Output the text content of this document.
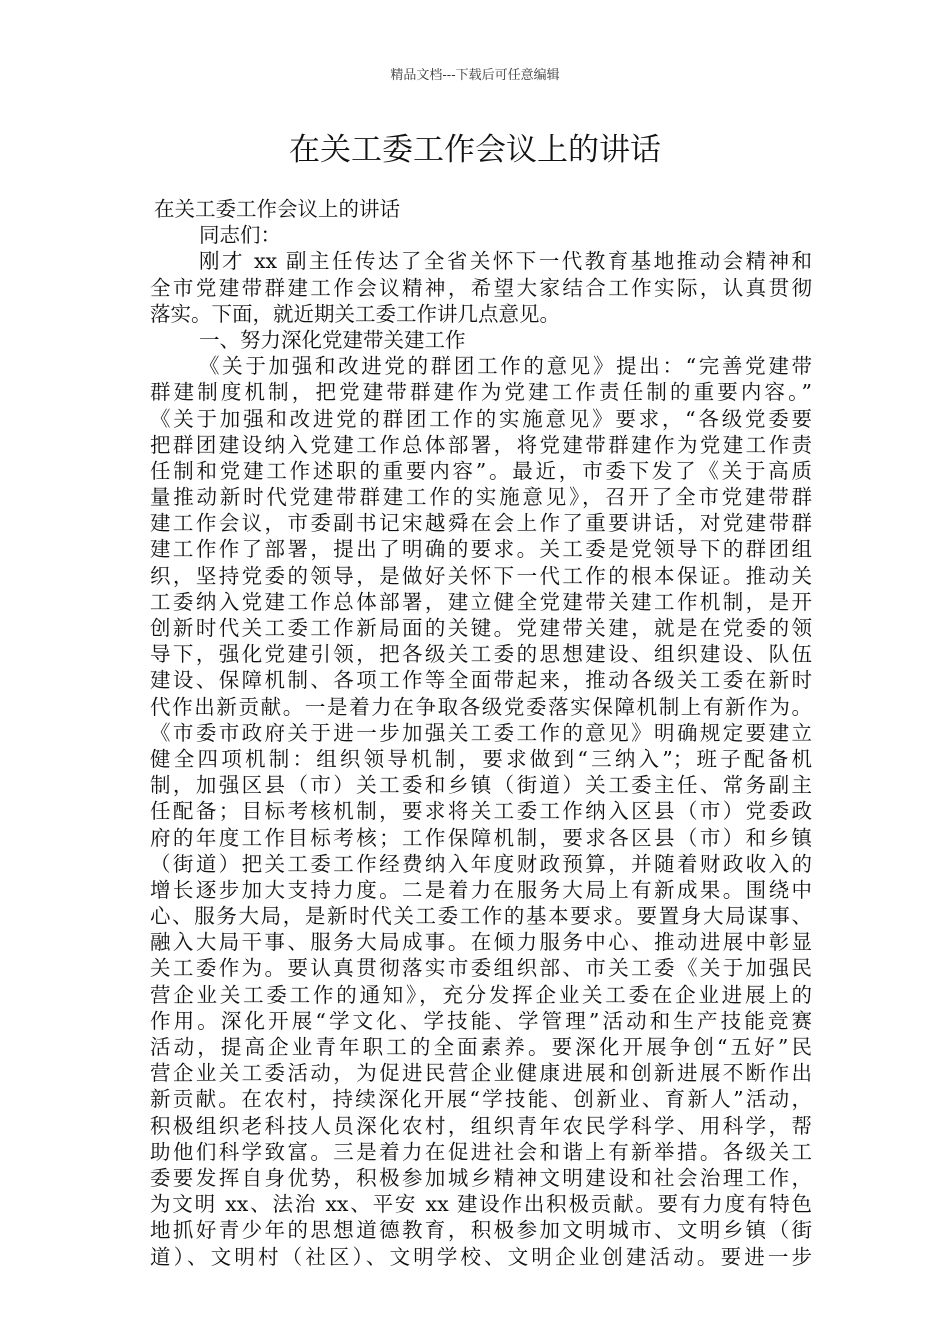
精品文档---下载后可任意编辑
在关工委工作会议上的讲话
在关工委工作会议上的讲话
同志们：
刚才 xx 副主任传达了全省关怀下一代教育基地推动会精神和
全市党建带群建工作会议精神，希望大家结合工作实际，认真贯彻
落实。下面，就近期关工委工作讲几点意见。
一、努力深化党建带关建工作
《关于加强和改进党的群团工作的意见》提出：“完善党建带
群建制度机制，把党建带群建作为党建工作责任制的重要内容。”
《关于加强和改进党的群团工作的实施意见》要求，“各级党委要
把群团建设纳入党建工作总体部署，将党建带群建作为党建工作责
任制和党建工作述职的重要内容”。最近，市委下发了《关于高质
量推动新时代党建带群建工作的实施意见》，召开了全市党建带群
建工作会议，市委副书记宋越舜在会上作了重要讲话，对党建带群
建工作作了部署，提出了明确的要求。关工委是党领导下的群团组
织，坚持党委的领导，是做好关怀下一代工作的根本保证。推动关
工委纳入党建工作总体部署，建立健全党建带关建工作机制，是开
创新时代关工委工作新局面的关键。党建带关建，就是在党委的领
导下，强化党建引领，把各级关工委的思想建设、组织建设、队伍
建设、保障机制、各项工作等全面带起来，推动各级关工委在新时
代作出新贡献。一是着力在争取各级党委落实保障机制上有新作为。
《市委市政府关于进一步加强关工委工作的意见》明确规定要建立
健全四项机制：组织领导机制，要求做到“三纳入”；班子配备机
制，加强区县（市）关工委和乡镇（街道）关工委主任、常务副主
任配备；目标考核机制，要求将关工委工作纳入区县（市）党委政
府的年度工作目标考核；工作保障机制，要求各区县（市）和乡镇
（街道）把关工委工作经费纳入年度财政预算，并随着财政收入的
增长逐步加大支持力度。二是着力在服务大局上有新成果。围绕中
心、服务大局，是新时代关工委工作的基本要求。要置身大局谋事、
融入大局干事、服务大局成事。在倾力服务中心、推动进展中彰显
关工委作为。要认真贯彻落实市委组织部、市关工委《关于加强民
营企业关工委工作的通知》，充分发挥企业关工委在企业进展上的
作用。深化开展“学文化、学技能、学管理”活动和生产技能竞赛
活动，提高企业青年职工的全面素养。要深化开展争创“五好”民
营企业关工委活动，为促进民营企业健康进展和创新进展不断作出
新贡献。在农村，持续深化开展“学技能、创新业、育新人”活动，
积极组织老科技人员深化农村，组织青年农民学科学、用科学，帮
助他们科学致富。三是着力在促进社会和谐上有新举措。各级关工
委要发挥自身优势，积极参加城乡精神文明建设和社会治理工作，
为文明 xx、法治 xx、平安 xx 建设作出积极贡献。要有力度有特色
地抓好青少年的思想道德教育，积极参加文明城市、文明乡镇（街
道）、文明村（社区）、文明学校、文明企业创建活动。要进一步
